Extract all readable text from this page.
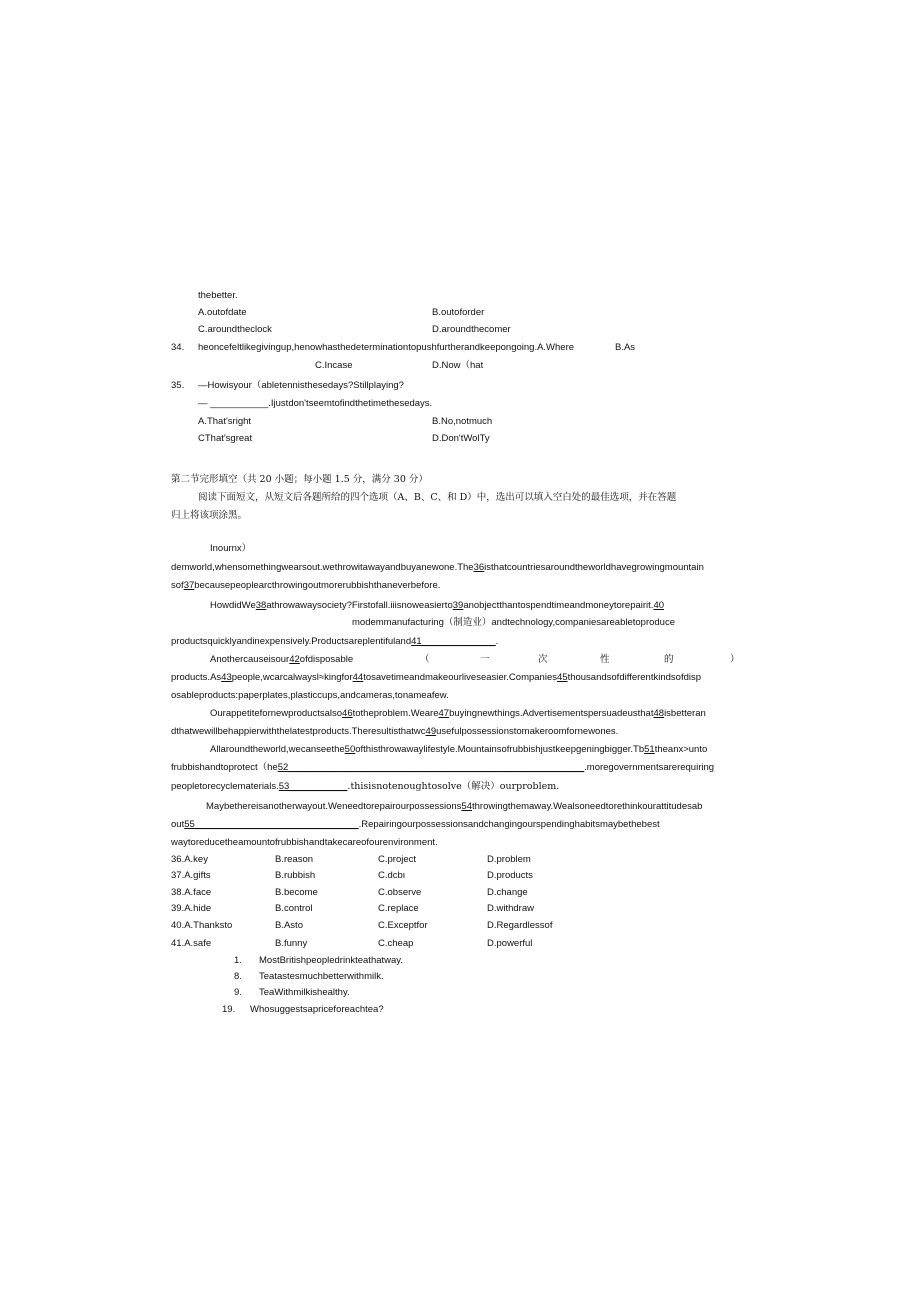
thebetter.
A.outofdate	B.outoforder
C.aroundtheclock	D.aroundthecomer
34. heoncefeltlikegivingup,henowhasthedeterminationtopushfurtherandkeepongoing.A.Where	B.As
C.Incase	D.Now（hat
35. —Howisyour（abletennisthesedays?Stillplaying?
— ___________.Ijustdon'tseemtofindthetimethesedays.
A.That'sright	B.No,notmuch
CThat'sgreat	D.Don'tWolTy
第二节完形填空（共 20 小题；每小题 1.5 分，满分 30 分）
阅读下面短文，从短文后各题所给的四个选项（A、B、C、和 D）中，选出可以填入空白处的最佳选项，并在答题
归上将该项涂黑。
Inournx）
demworld,whensomethingwearsout.wethrowitawayandbuyanewone.The36isthatcountriesaroundtheworldhavegrowingmountain
sof37becausepeoplearcthrowingoutmorerubbishthaneverbefore.
HowdidWe38athrowawaysociety?Firstofall.iiisnoweasierto39anobjectthantospendtimeandmoneytorepairit.40
modemmanufacturing（制造业）andtechnology,companiesareabletoproduce
productsquicklyandinexpensively.Productsareplentifuland41______________.
Anothercauseisour42ofdisposable	（	一	次	性	的	）
products.As43people,wcarcalwaysl≈kingfor44tosavetimeandmakeourlivese​asier.Companies45thousandsofdifferentkindsofdisp
osableproducts:paperplates,plasticcups,andcameras,tonameafew.
Ourappetitefornewproductsalso46totheproblem.Weare47buyingnewthings.Advertisementspersuadeusthat48isbetteran
dthatwewillbehappierwiththelatestproducts.Theresultisthatwc49usefulpossessionstomakeroomfornewones.
Allaroundtheworld,wecanseethe50ofthisthrowawaylifestyle.Mountainsofrubbishjustkeepgeningbigger.Tb51theanx>unto
frubbishandtoprotect（he52________________________________________________________.moregovernmentsarerequiring
peopletorecyclematerials.53___________.thisisnotenoughtosolve（解决）ourproblem.
Maybethereisanotherwayout.Weneedtorepairourpossessions54throwingthemaway.Wealsoneedtorethinkourattitudesab
out55_______________________________.Repairingourpossessionsandchangingourspendinghabitsmaybethebest
waytoreducetheamountofrubbishandtakecareofourenvironment.
36.A.key	B.reason	C.project	D.problem
37.A.gifts	B.rubbish	C.dcbι	D.products
38.A.face	B.become	C.observe	D.change
39.A.hide	B.control	C.replace	D.withdraw
40.A.Thanksto	B.Asto	C.Exceptfor	D.Regardlessof
41.A.safe	B.funny	C.cheap	D.powerful
1. MostBritishpeopledrinkteathatway.
8. Teatastesmuchbetterwithmilk.
9. TeaWithmilkishealthy.
19. Whosuggestsapriceforeachtea?
